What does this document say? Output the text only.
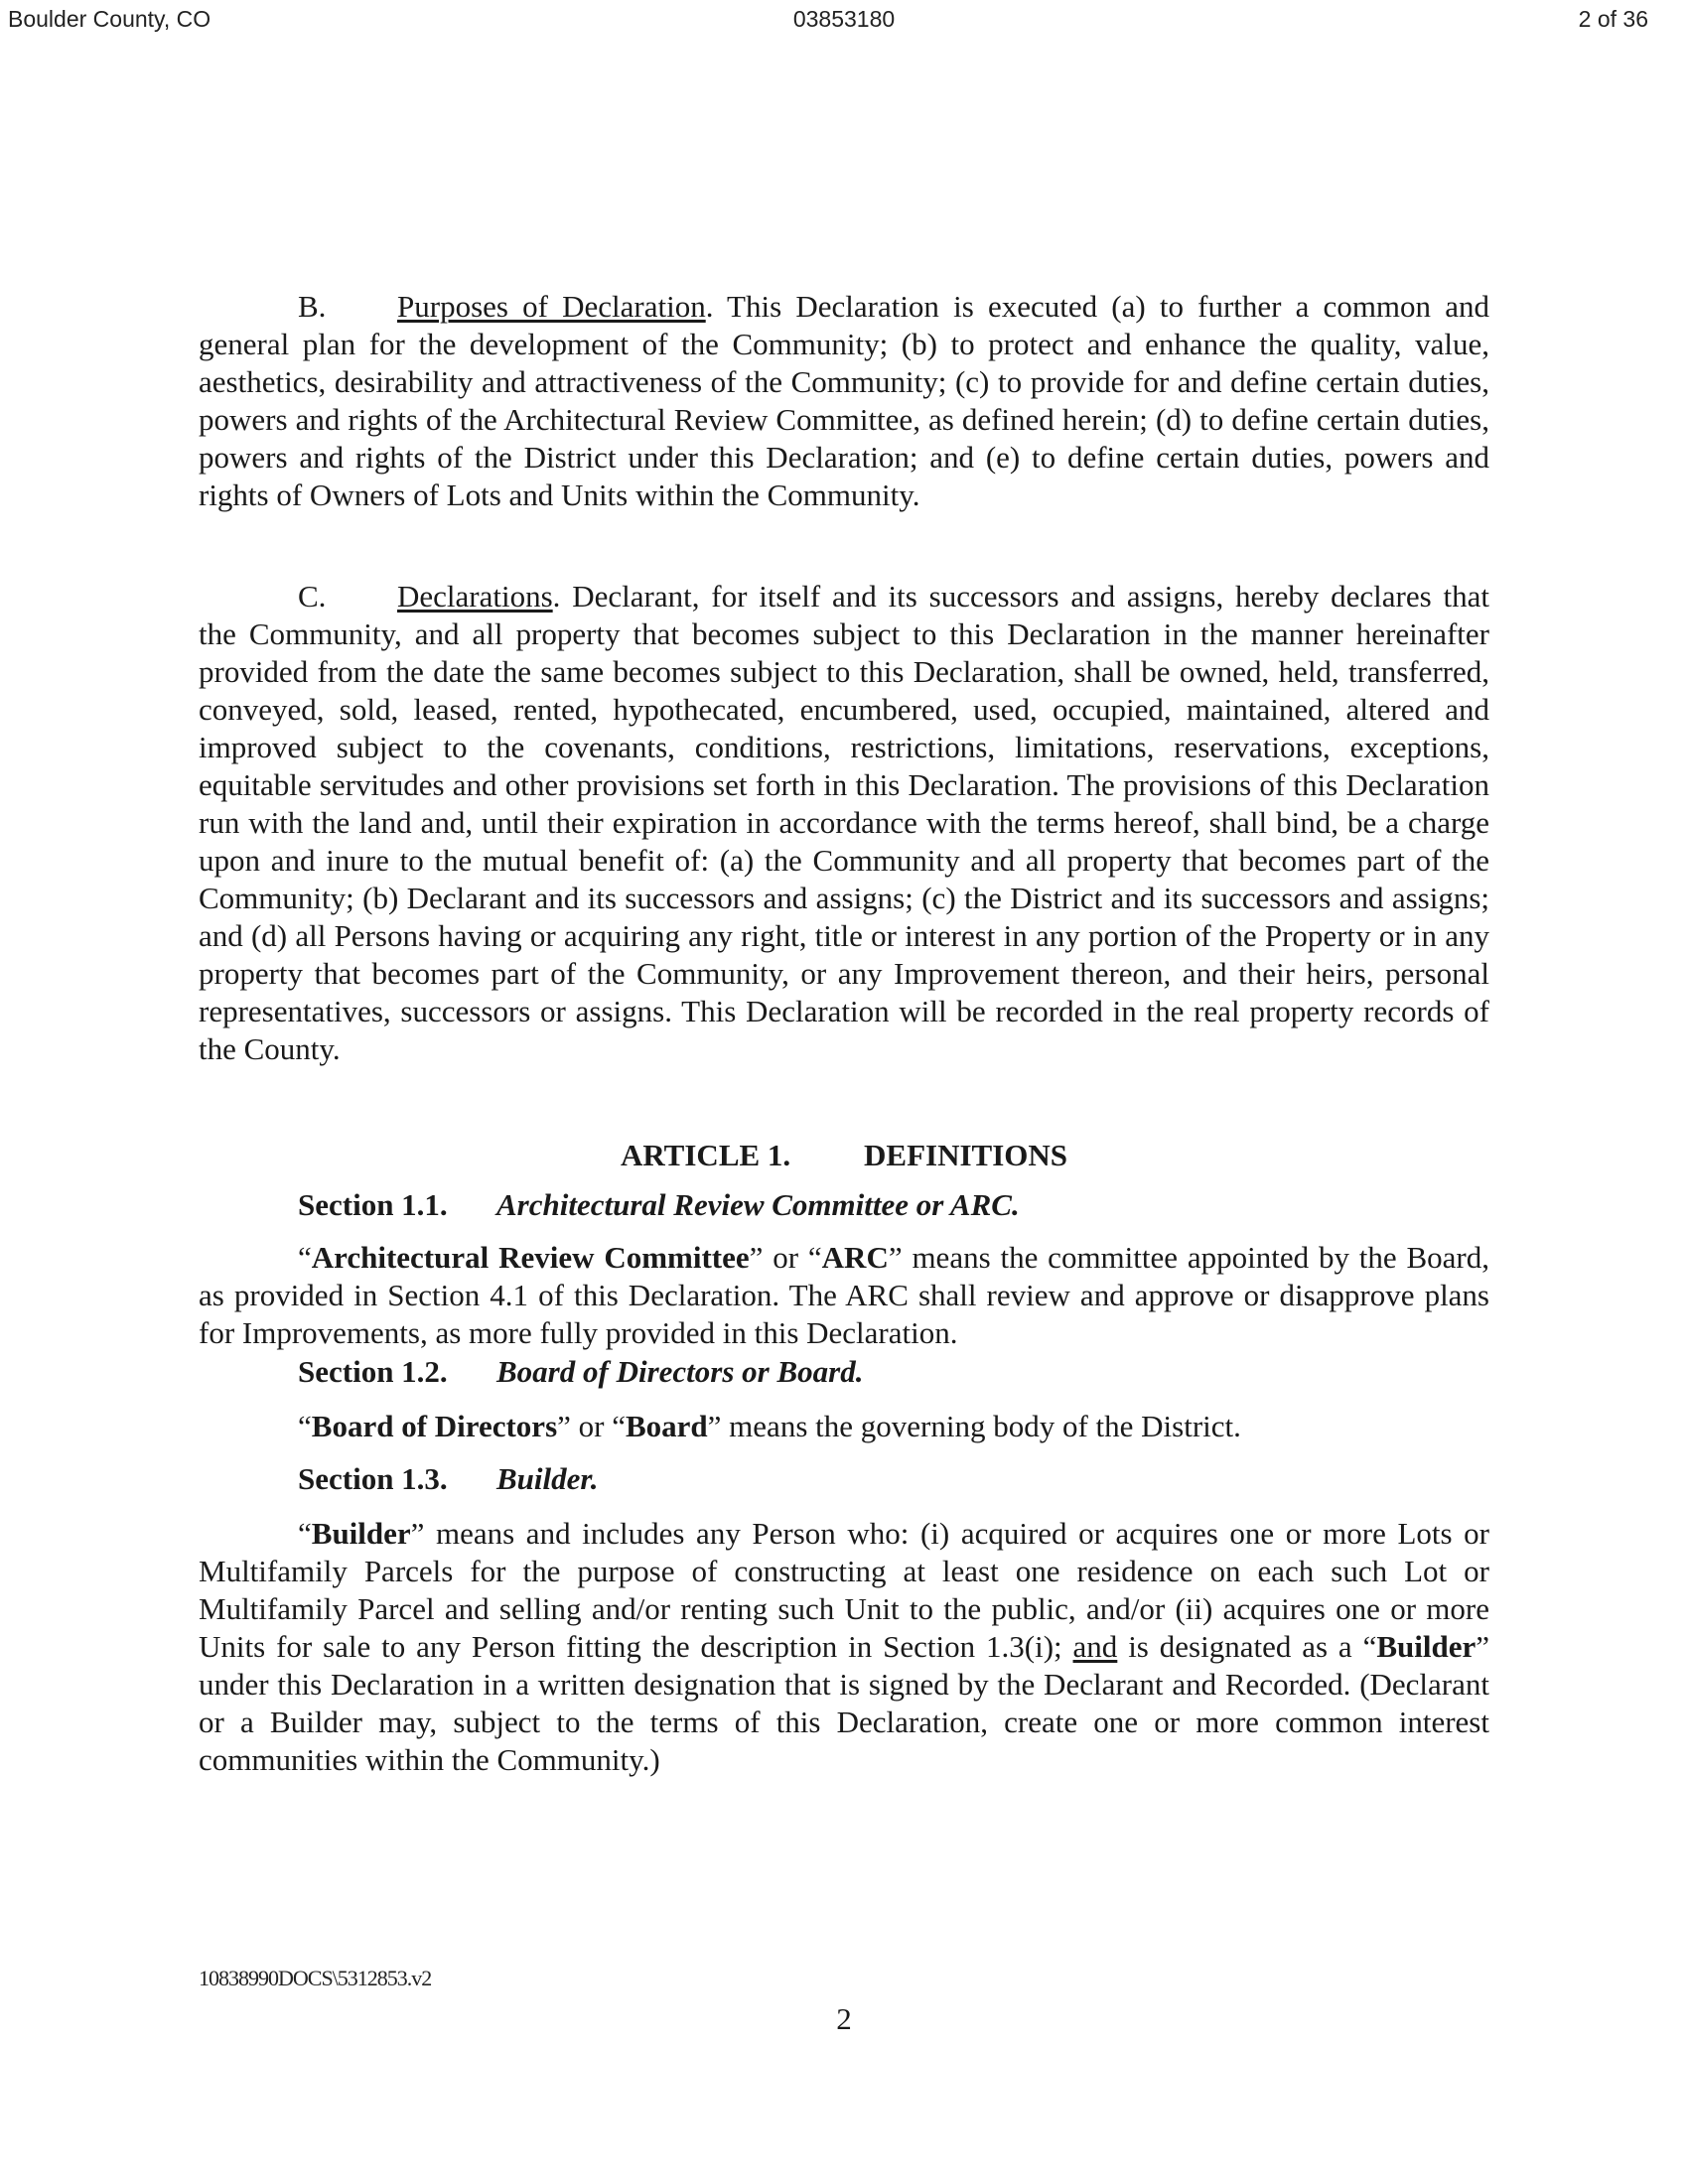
Boulder County, CO	03853180	2 of 36

B. Purposes of Declaration. This Declaration is executed (a) to further a common and general plan for the development of the Community; (b) to protect and enhance the quality, value, aesthetics, desirability and attractiveness of the Community; (c) to provide for and define certain duties, powers and rights of the Architectural Review Committee, as defined herein; (d) to define certain duties, powers and rights of the District under this Declaration; and (e) to define certain duties, powers and rights of Owners of Lots and Units within the Community.

C. Declarations. Declarant, for itself and its successors and assigns, hereby declares that the Community, and all property that becomes subject to this Declaration in the manner hereinafter provided from the date the same becomes subject to this Declaration, shall be owned, held, transferred, conveyed, sold, leased, rented, hypothecated, encumbered, used, occupied, maintained, altered and improved subject to the covenants, conditions, restrictions, limitations, reservations, exceptions, equitable servitudes and other provisions set forth in this Declaration. The provisions of this Declaration run with the land and, until their expiration in accordance with the terms hereof, shall bind, be a charge upon and inure to the mutual benefit of: (a) the Community and all property that becomes part of the Community; (b) Declarant and its successors and assigns; (c) the District and its successors and assigns; and (d) all Persons having or acquiring any right, title or interest in any portion of the Property or in any property that becomes part of the Community, or any Improvement thereon, and their heirs, personal representatives, successors or assigns. This Declaration will be recorded in the real property records of the County.

ARTICLE 1. DEFINITIONS
Section 1.1. Architectural Review Committee or ARC.
“Architectural Review Committee” or “ARC” means the committee appointed by the Board, as provided in Section 4.1 of this Declaration. The ARC shall review and approve or disapprove plans for Improvements, as more fully provided in this Declaration.
Section 1.2. Board of Directors or Board.
“Board of Directors” or “Board” means the governing body of the District.
Section 1.3. Builder.
“Builder” means and includes any Person who: (i) acquired or acquires one or more Lots or Multifamily Parcels for the purpose of constructing at least one residence on each such Lot or Multifamily Parcel and selling and/or renting such Unit to the public, and/or (ii) acquires one or more Units for sale to any Person fitting the description in Section 1.3(i); and is designated as a “Builder” under this Declaration in a written designation that is signed by the Declarant and Recorded. (Declarant or a Builder may, subject to the terms of this Declaration, create one or more common interest communities within the Community.)
10838990DOCS\5312853.v2
2
